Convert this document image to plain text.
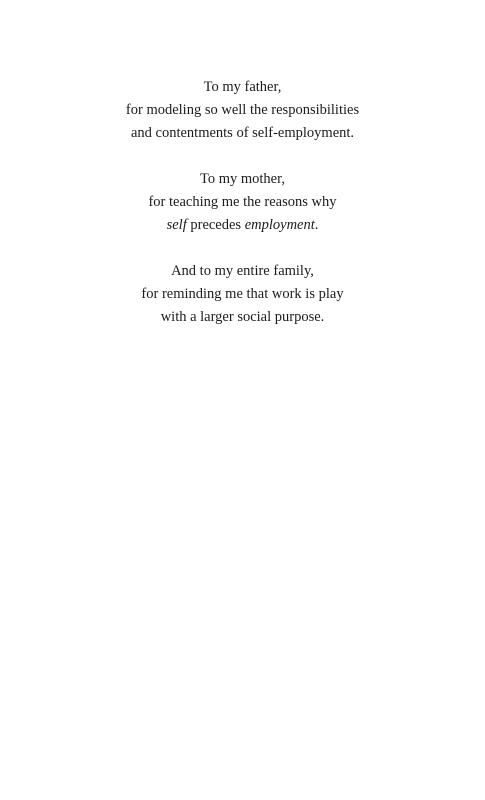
To my father,
for modeling so well the responsibilities
and contentments of self-employment.
To my mother,
for teaching me the reasons why
self precedes employment.
And to my entire family,
for reminding me that work is play
with a larger social purpose.
